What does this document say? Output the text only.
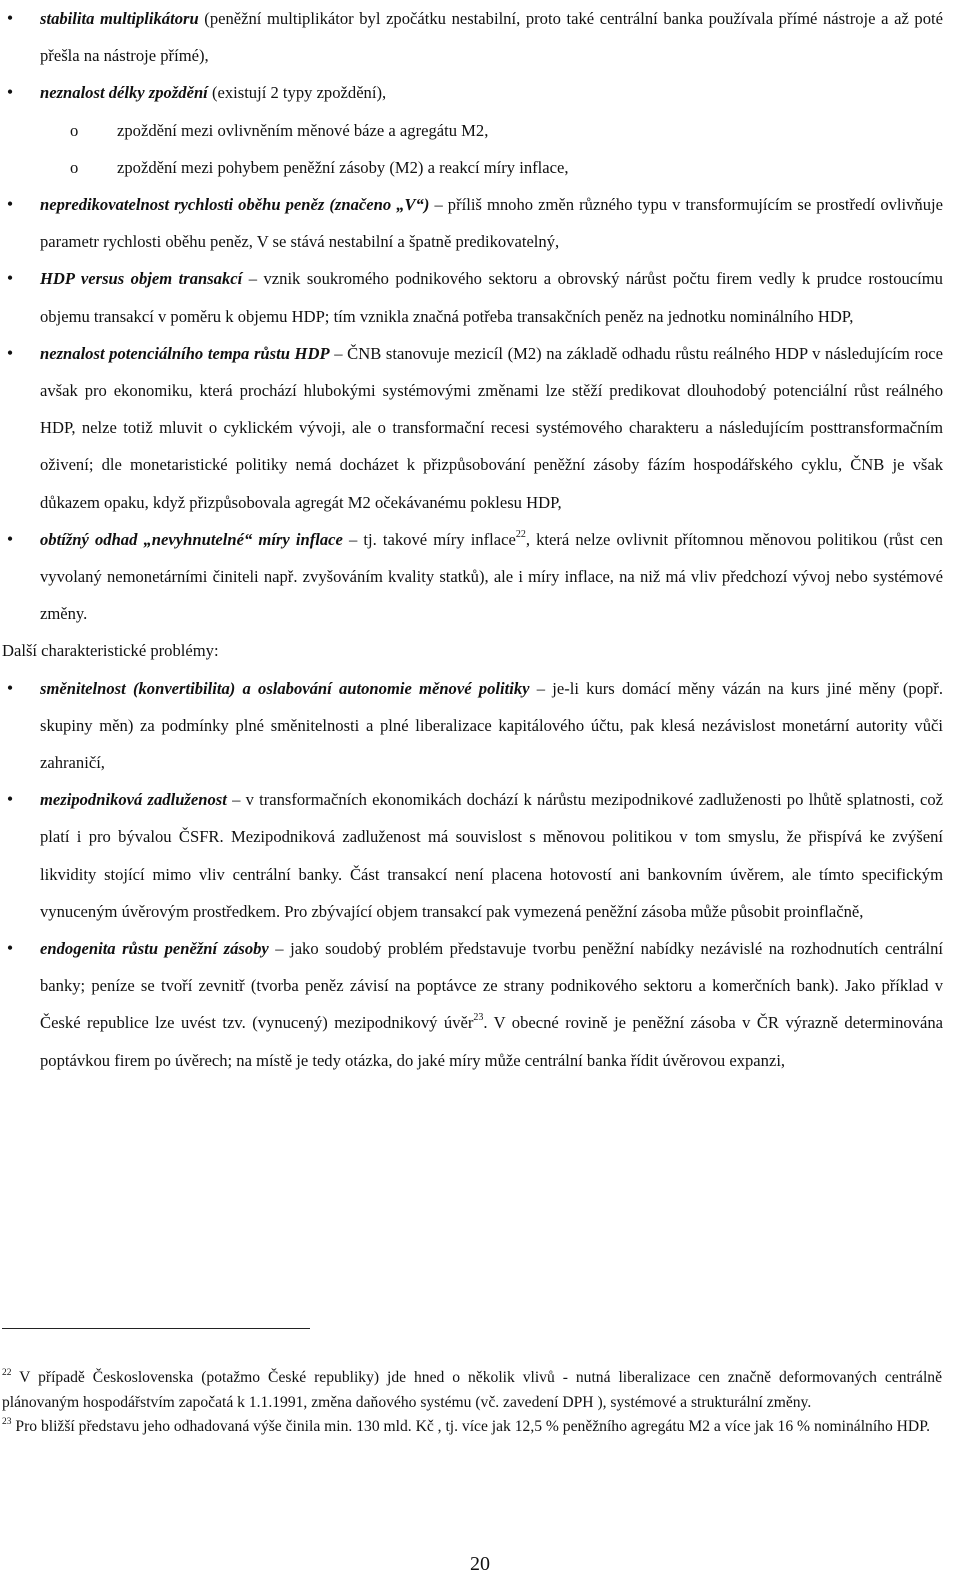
•	stabilita multiplikátoru (peněžní multiplikátor byl zpočátku nestabilní, proto také centrální banka používala přímé nástroje a až poté přešla na nástroje přímé),
•	neznalost délky zpoždění (existují 2 typy zpoždění),
o zpoždění mezi ovlivněním měnové báze a agregátu M2,
o zpoždění mezi pohybem peněžní zásoby (M2) a reakcí míry inflace,
•	nepredikovatelnost rychlosti oběhu peněz (značeno „V“) – příliš mnoho změn různého typu v transformujícím se prostředí ovlivňuje parametr rychlosti oběhu peněz, V se stává nestabilní a špatně predikovatelný,
•	HDP versus objem transakcí – vznik soukromého podnikového sektoru a obrovský nárůst počtu firem vedly k prudce rostoucímu objemu transakcí v poměru k objemu HDP; tím vznikla značná potřeba transakčních peněz na jednotku nominálního HDP,
•	neznalost potenciálního tempa růstu HDP – ČNB stanovuje mezicíl (M2) na základě odhadu růstu reálného HDP v následujícím roce avšak pro ekonomiku, která prochází hlubokými systémovými změnami lze stěží predikovat dlouhodobý potenciální růst reálného HDP, nelze totiž mluvit o cyklickém vývoji, ale o transformační recesi systémového charakteru a následujícím posttransformačním oživení; dle monetaristické politiky nemá docházet k přizpůsobování peněžní zásoby fázím hospodářského cyklu, ČNB je však důkazem opaku, když přizpůsobovala agregát M2 očekávanému poklesu HDP,
•	obtížný odhad „nevyhnutelné“ míry inflace – tj. takové míry inflace$^{22}$, která nelze ovlivnit přítomnou měnovou politikou (růst cen vyvolaný nemonetárními činiteli např. zvyšováním kvality statků), ale i míry inflace, na niž má vliv předchozí vývoj nebo systémové změny.
Další charakteristické problémy:
•	směnitelnost (konvertibilita) a oslabování autonomie měnové politiky – je-li kurs domácí měny vázán na kurs jiné měny (popř. skupiny měn) za podmínky plné směnitelnosti a plné liberalizace kapitálového účtu, pak klesá nezávislost monetární autority vůči zahraničí,
•	mezipodniková zadluženost – v transformačních ekonomikách dochází k nárůstu mezipodnikové zadluženosti po lhůtě splatnosti, což platí i pro bývalou ČSFR. Mezipodniková zadluženost má souvislost s měnovou politikou v tom smyslu, že přispívá ke zvýšení likvidity stojící mimo vliv centrální banky. Část transakcí není placena hotovostí ani bankovním úvěrem, ale tímto specifickým vynuceným úvěrovým prostředkem. Pro zbývající objem transakcí pak vymezená peněžní zásoba může působit proinflačně,
•	endogenita růstu peněžní zásoby – jako soudobý problém představuje tvorbu peněžní nabídky nezávislé na rozhodnutích centrální banky; peníze se tvoří zevnitř (tvorba peněz závisí na poptávce ze strany podnikového sektoru a komerčních bank). Jako příklad v České republice lze uvést tzv. (vynucený) mezipodnikový úvěr$^{23}$. V obecné rovině je peněžní zásoba v ČR výrazně determinována poptávkou firem po úvěrech; na místě je tedy otázka, do jaké míry může centrální banka řídit úvěrovou expanzi,

$^{22}$ V případě Československa (potažmo České republiky) jde hned o několik vlivů - nutná liberalizace cen značně deformovaných centrálně plánovaným hospodářstvím započatá k 1.1.1991, změna daňového systému (vč. zavedení DPH ), systémové a strukturální změny.

$^{23}$ Pro bližší představu jeho odhadovaná výše činila min. 130 mld. Kč , tj. více jak 12,5 % peněžního agregátu M2 a více jak 16 % nominálního HDP.

20
